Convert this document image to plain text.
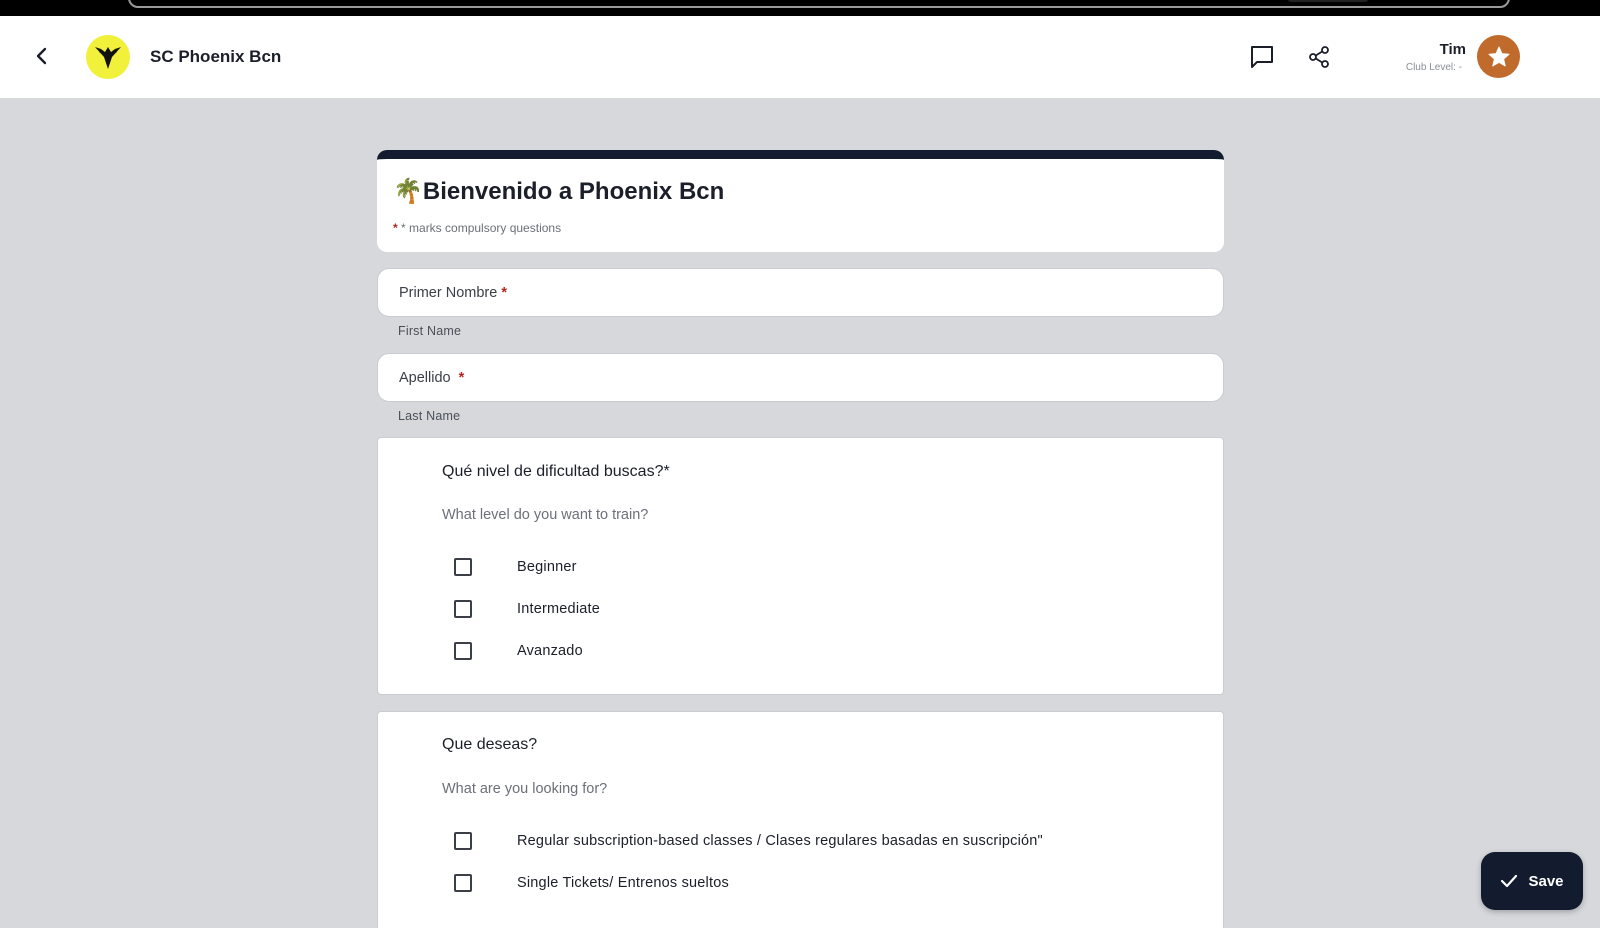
SC Phoenix Bcn	Tim
Club Level: -
🌴Bienvenido a Phoenix Bcn
* * marks compulsory questions
Primer Nombre *
First Name
Apellido *
Last Name
Qué nivel de dificultad buscas?*
What level do you want to train?
Beginner
Intermediate
Avanzado
Que deseas?
What are you looking for?
Regular subscription-based classes / Clases regulares basadas en suscripción"
Single Tickets/ Entrenos sueltos	Save
